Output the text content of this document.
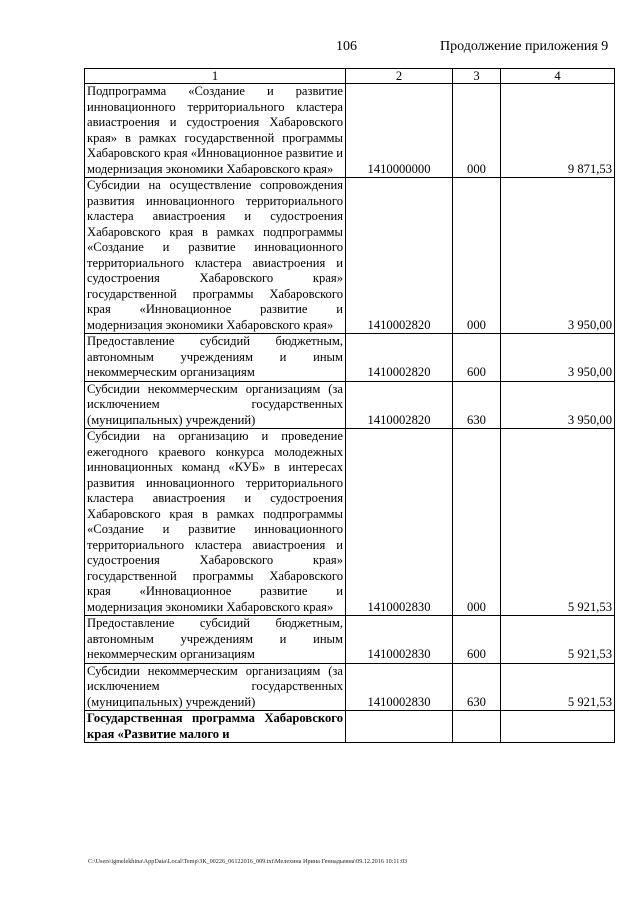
106	Продолжение приложения 9
1	2	3	4
Подпрограмма «Создание и развитие инновационного территориального кластера авиастроения и судостроения Хабаровского края» в рамках государственной программы Хабаровского края «Инновационное развитие и модернизация экономики Хабаровского края»	1410000000	000	9 871,53
Субсидии на осуществление сопровождения развития инновационного территориального кластера авиастроения и судостроения Хабаровского края в рамках подпрограммы «Создание и развитие инновационного территориального кластера авиастроения и судостроения Хабаровского края» государственной программы Хабаровского края «Инновационное развитие и модернизация экономики Хабаровского края»	1410002820	000	3 950,00
Предоставление субсидий бюджетным, автономным учреждениям и иным некоммерческим организациям	1410002820	600	3 950,00
Субсидии некоммерческим организациям (за исключением государственных (муниципальных) учреждений)	1410002820	630	3 950,00
Субсидии на организацию и проведение ежегодного краевого конкурса молодежных инновационных команд «КУБ» в интересах развития инновационного территориального кластера авиастроения и судостроения Хабаровского края в рамках подпрограммы «Создание и развитие инновационного территориального кластера авиастроения и судостроения Хабаровского края» государственной программы Хабаровского края «Инновационное развитие и модернизация экономики Хабаровского края»	1410002830	000	5 921,53
Предоставление субсидий бюджетным, автономным учреждениям и иным некоммерческим организациям	1410002830	600	5 921,53
Субсидии некоммерческим организациям (за исключением государственных (муниципальных) учреждений)	1410002830	630	5 921,53
Государственная программа Хабаровского края «Развитие малого и			
C:\Users\igmelekhina\AppData\Local\Temp\ЗК_00226_06122016_009.txt\Мелехина Ирина Геннадьевна\09.12.2016 10:11:03
